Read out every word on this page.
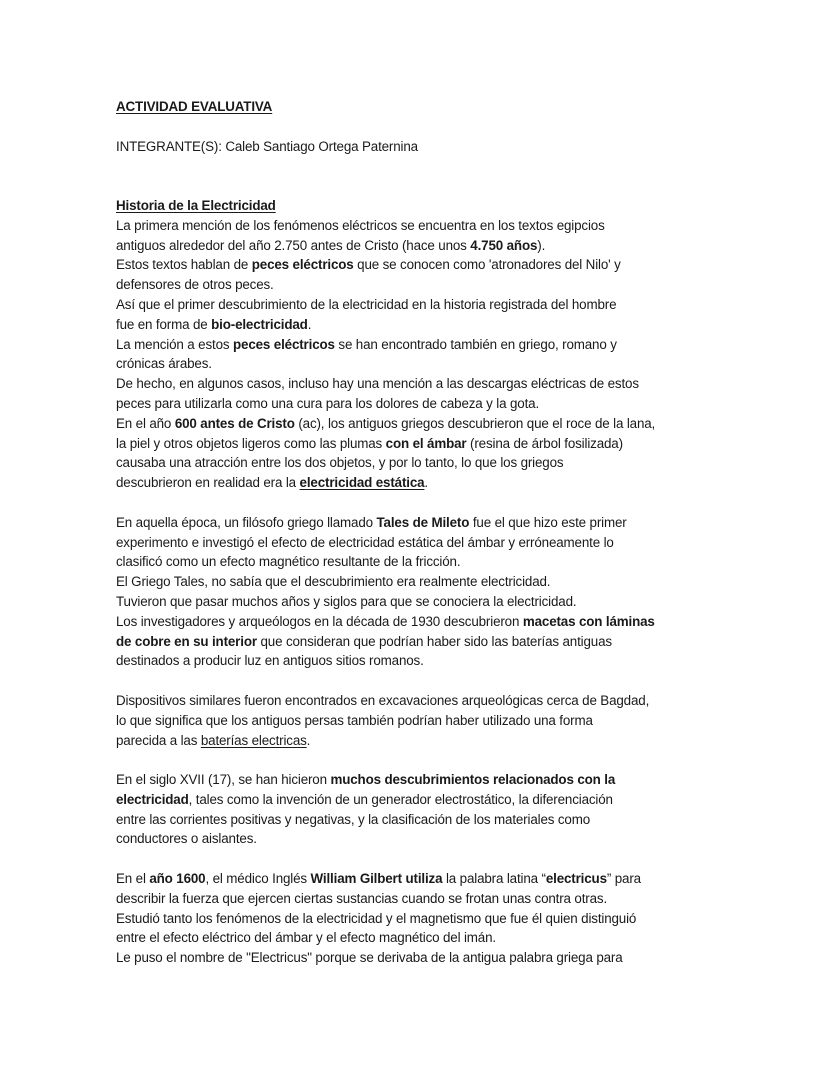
ACTIVIDAD EVALUATIVA
INTEGRANTE(S): Caleb Santiago Ortega Paternina
Historia de la Electricidad
La primera mención de los fenómenos eléctricos se encuentra en los textos egipcios
antiguos alrededor del año 2.750 antes de Cristo (hace unos 4.750 años).
Estos textos hablan de peces eléctricos que se conocen como 'atronadores del Nilo' y
defensores de otros peces.
Así que el primer descubrimiento de la electricidad en la historia registrada del hombre
fue en forma de bio-electricidad.
La mención a estos peces eléctricos se han encontrado también en griego, romano y
crónicas árabes.
De hecho, en algunos casos, incluso hay una mención a las descargas eléctricas de estos
peces para utilizarla como una cura para los dolores de cabeza y la gota.
En el año 600 antes de Cristo (ac), los antiguos griegos descubrieron que el roce de la lana,
la piel y otros objetos ligeros como las plumas con el ámbar (resina de árbol fosilizada)
causaba una atracción entre los dos objetos, y por lo tanto, lo que los griegos
descubrieron en realidad era la electricidad estática.
En aquella época, un filósofo griego llamado Tales de Mileto fue el que hizo este primer
experimento e investigó el efecto de electricidad estática del ámbar y erróneamente lo
clasificó como un efecto magnético resultante de la fricción.
El Griego Tales, no sabía que el descubrimiento era realmente electricidad.
Tuvieron que pasar muchos años y siglos para que se conociera la electricidad.
Los investigadores y arqueólogos en la década de 1930 descubrieron macetas con láminas
de cobre en su interior que consideran que podrían haber sido las baterías antiguas
destinados a producir luz en antiguos sitios romanos.
Dispositivos similares fueron encontrados en excavaciones arqueológicas cerca de Bagdad,
lo que significa que los antiguos persas también podrían haber utilizado una forma
parecida a las baterías electricas.
En el siglo XVII (17), se han hicieron muchos descubrimientos relacionados con la
electricidad, tales como la invención de un generador electrostático, la diferenciación
entre las corrientes positivas y negativas, y la clasificación de los materiales como
conductores o aislantes.
En el año 1600, el médico Inglés William Gilbert utiliza la palabra latina “electricus” para
describir la fuerza que ejercen ciertas sustancias cuando se frotan unas contra otras.
Estudió tanto los fenómenos de la electricidad y el magnetismo que fue él quien distinguió
entre el efecto eléctrico del ámbar y el efecto magnético del imán.
Le puso el nombre de "Electricus" porque se derivaba de la antigua palabra griega para
